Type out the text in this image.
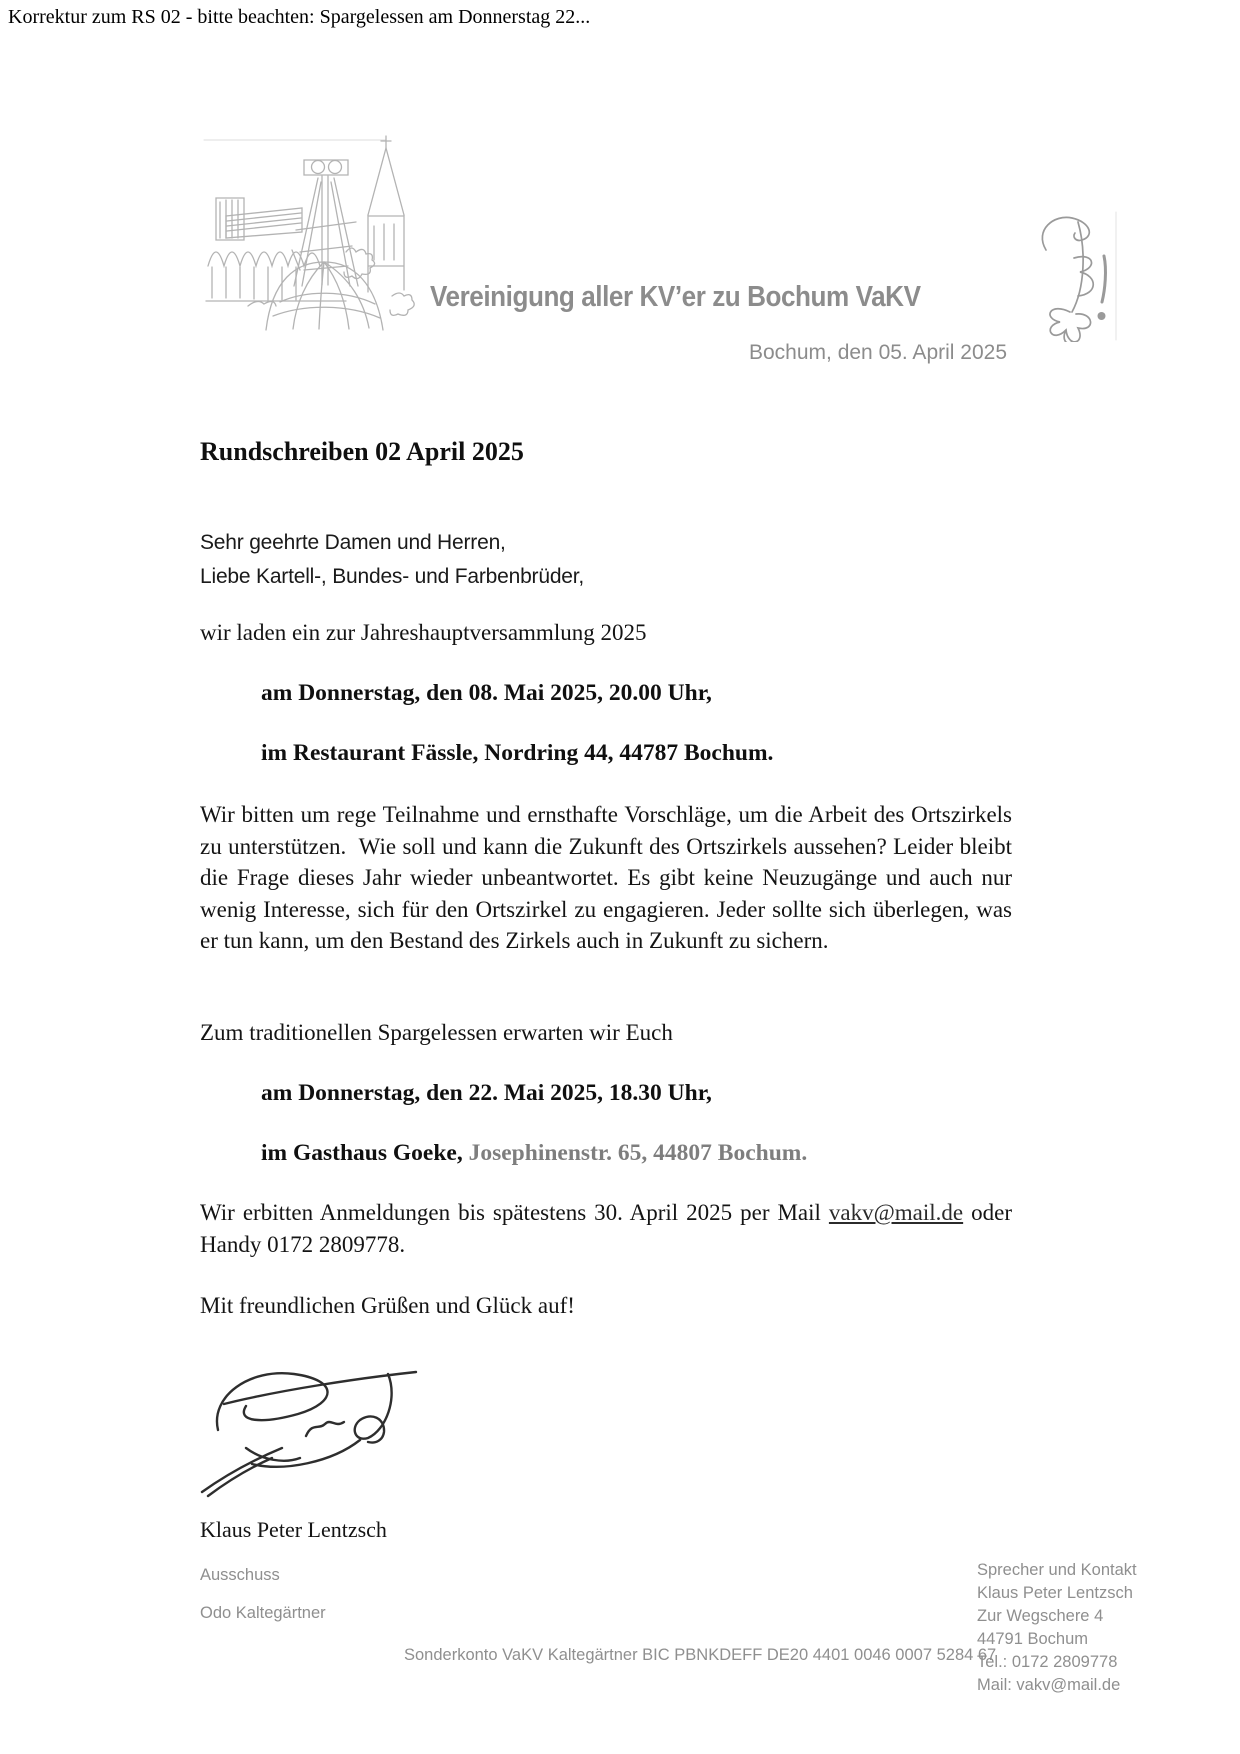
Korrektur zum RS 02 - bitte beachten: Spargelessen am Donnerstag 22...
Vereinigung aller KV’er zu Bochum VaKV
Bochum, den 05. April 2025
Rundschreiben 02 April 2025
Sehr geehrte Damen und Herren,
Liebe Kartell-, Bundes- und Farbenbrüder,
wir laden ein zur Jahreshauptversammlung 2025
am Donnerstag, den 08. Mai 2025, 20.00 Uhr,
im Restaurant Fässle, Nordring 44, 44787 Bochum.
Wir bitten um rege Teilnahme und ernsthafte Vorschläge, um die Arbeit des Ortszirkels zu unterstützen.  Wie soll und kann die Zukunft des Ortszirkels aussehen? Leider bleibt die Frage dieses Jahr wieder unbeantwortet. Es gibt keine Neuzugänge und auch nur wenig Interesse, sich für den Ortszirkel zu engagieren. Jeder sollte sich überlegen, was er tun kann, um den Bestand des Zirkels auch in Zukunft zu sichern.
Zum traditionellen Spargelessen erwarten wir Euch
am Donnerstag, den 22. Mai 2025, 18.30 Uhr,
im Gasthaus Goeke, Josephinenstr. 65, 44807 Bochum.
Wir erbitten Anmeldungen bis spätestens 30. April 2025 per Mail vakv@mail.de oder Handy 0172 2809778.
Mit freundlichen Grüßen und Glück auf!
Klaus Peter Lentzsch
Ausschuss
Odo Kaltegärtner
Sonderkonto VaKV Kaltegärtner BIC PBNKDEFF DE20 4401 0046 0007 5284 67
Sprecher und Kontakt
Klaus Peter Lentzsch
Zur Wegschere 4
44791 Bochum
Tel.: 0172 2809778
Mail: vakv@mail.de
